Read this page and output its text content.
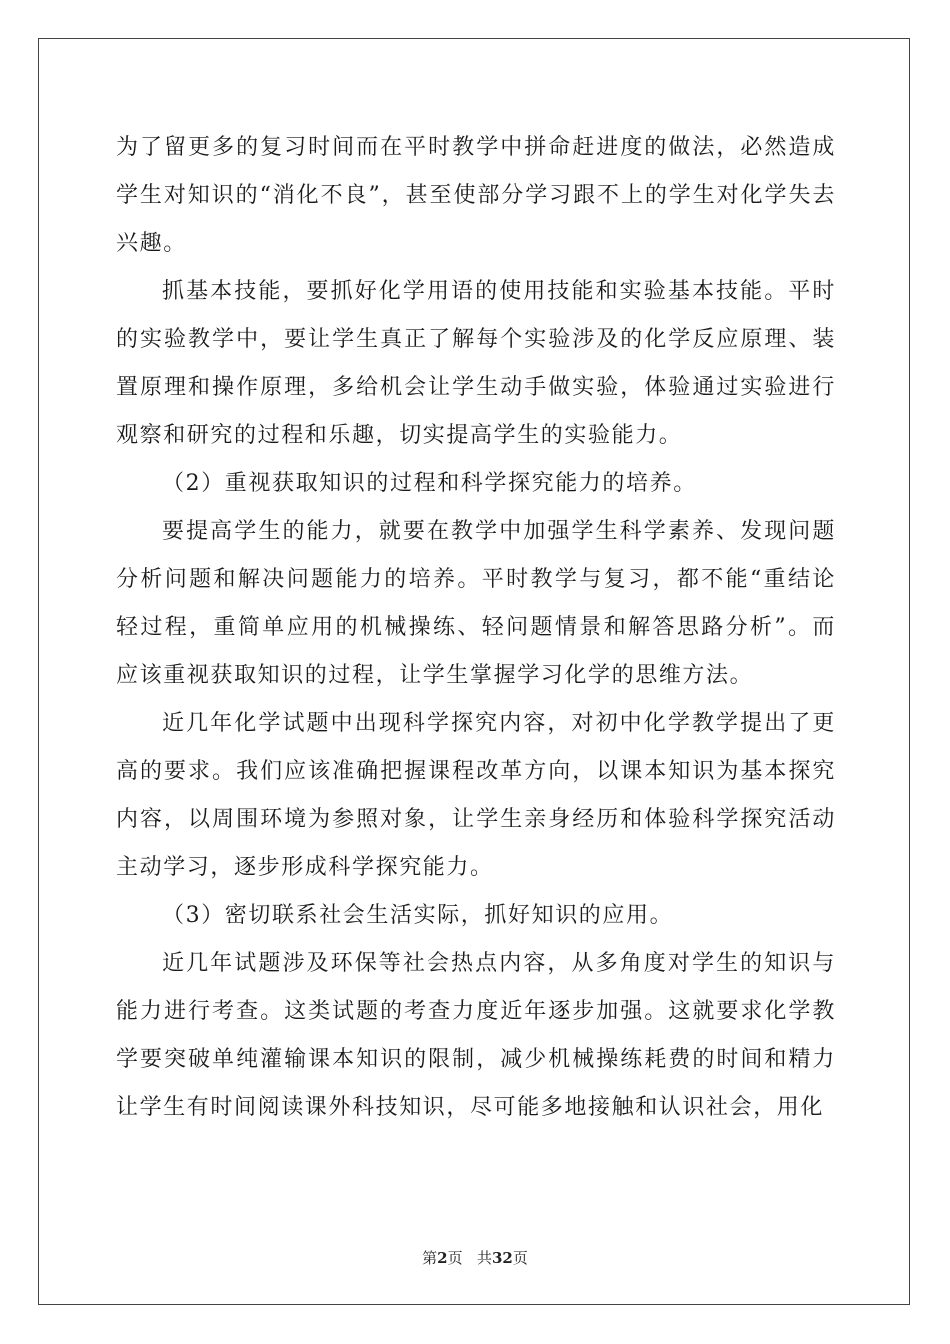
为了留更多的复习时间而在平时教学中拼命赶进度的做法，必然造成学生对知识的“消化不良”，甚至使部分学习跟不上的学生对化学失去兴趣。

抓基本技能，要抓好化学用语的使用技能和实验基本技能。平时的实验教学中，要让学生真正了解每个实验涉及的化学反应原理、装置原理和操作原理，多给机会让学生动手做实验，体验通过实验进行观察和研究的过程和乐趣，切实提高学生的实验能力。

（2）重视获取知识的过程和科学探究能力的培养。

要提高学生的能力，就要在教学中加强学生科学素养、发现问题分析问题和解决问题能力的培养。平时教学与复习，都不能“重结论轻过程，重简单应用的机械操练、轻问题情景和解答思路分析”。而应该重视获取知识的过程，让学生掌握学习化学的思维方法。

近几年化学试题中出现科学探究内容，对初中化学教学提出了更高的要求。我们应该准确把握课程改革方向，以课本知识为基本探究内容，以周围环境为参照对象，让学生亲身经历和体验科学探究活动主动学习，逐步形成科学探究能力。

（3）密切联系社会生活实际，抓好知识的应用。

近几年试题涉及环保等社会热点内容，从多角度对学生的知识与能力进行考查。这类试题的考查力度近年逐步加强。这就要求化学教学要突破单纯灌输课本知识的限制，减少机械操练耗费的时间和精力让学生有时间阅读课外科技知识，尽可能多地接触和认识社会，用化

第2页 共32页
